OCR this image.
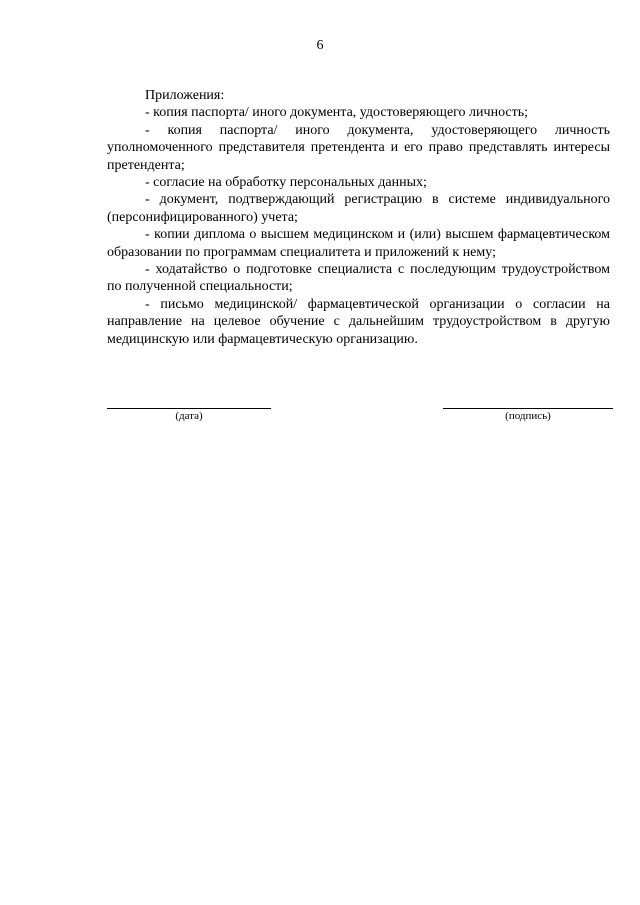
6
Приложения:
- копия паспорта/ иного документа, удостоверяющего личность;
- копия паспорта/ иного документа, удостоверяющего личность уполномоченного представителя претендента и его право представлять интересы претендента;
- согласие на обработку персональных данных;
- документ, подтверждающий регистрацию в системе индивидуального (персонифицированного) учета;
- копии диплома о высшем медицинском и (или) высшем фармацевтическом образовании по программам специалитета и приложений к нему;
- ходатайство о подготовке специалиста с последующим трудоустройством по полученной специальности;
- письмо медицинской/ фармацевтической организации о согласии на направление на целевое обучение с дальнейшим трудоустройством в другую медицинскую или фармацевтическую организацию.
(дата)	(подпись)
